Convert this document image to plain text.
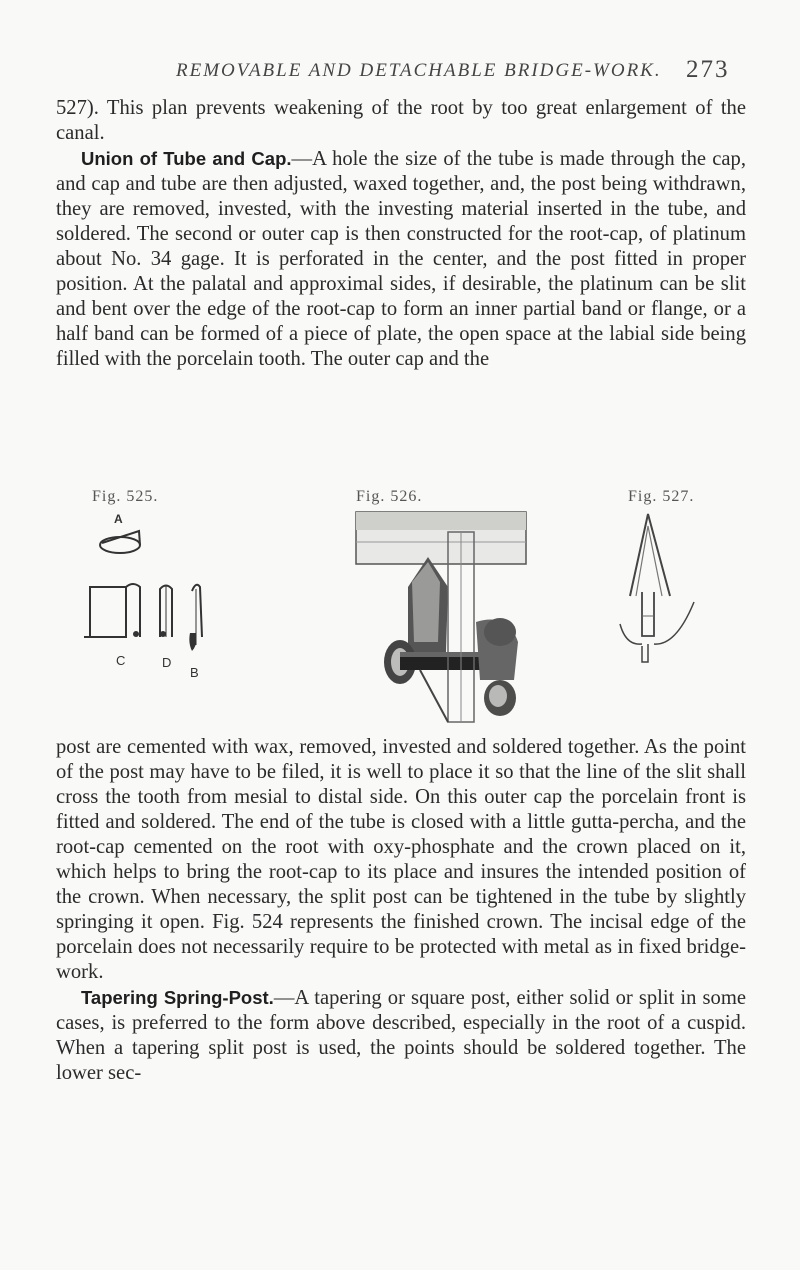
REMOVABLE AND DETACHABLE BRIDGE-WORK. 273

527). This plan prevents weakening of the root by too great enlargement of the canal.

Union of Tube and Cap.—A hole the size of the tube is made through the cap, and cap and tube are then adjusted, waxed together, and, the post being withdrawn, they are removed, invested, with the investing material inserted in the tube, and soldered. The second or outer cap is then constructed for the root-cap, of platinum about No. 34 gage. It is perforated in the center, and the post fitted in proper position. At the palatal and approximal sides, if desirable, the platinum can be slit and bent over the edge of the root-cap to form an inner partial band or flange, or a half band can be formed of a piece of plate, the open space at the labial side being filled with the porcelain tooth. The outer cap and the

Fig. 525.	Fig. 526.	Fig. 527.
A
C	D
B

post are cemented with wax, removed, invested and soldered together. As the point of the post may have to be filed, it is well to place it so that the line of the slit shall cross the tooth from mesial to distal side. On this outer cap the porcelain front is fitted and soldered. The end of the tube is closed with a little gutta-percha, and the root-cap cemented on the root with oxy-phosphate and the crown placed on it, which helps to bring the root-cap to its place and insures the intended position of the crown. When necessary, the split post can be tightened in the tube by slightly springing it open. Fig. 524 represents the finished crown. The incisal edge of the porcelain does not necessarily require to be protected with metal as in fixed bridge-work.

Tapering Spring-Post.—A tapering or square post, either solid or split in some cases, is preferred to the form above described, especially in the root of a cuspid. When a tapering split post is used, the points should be soldered together. The lower sec-
